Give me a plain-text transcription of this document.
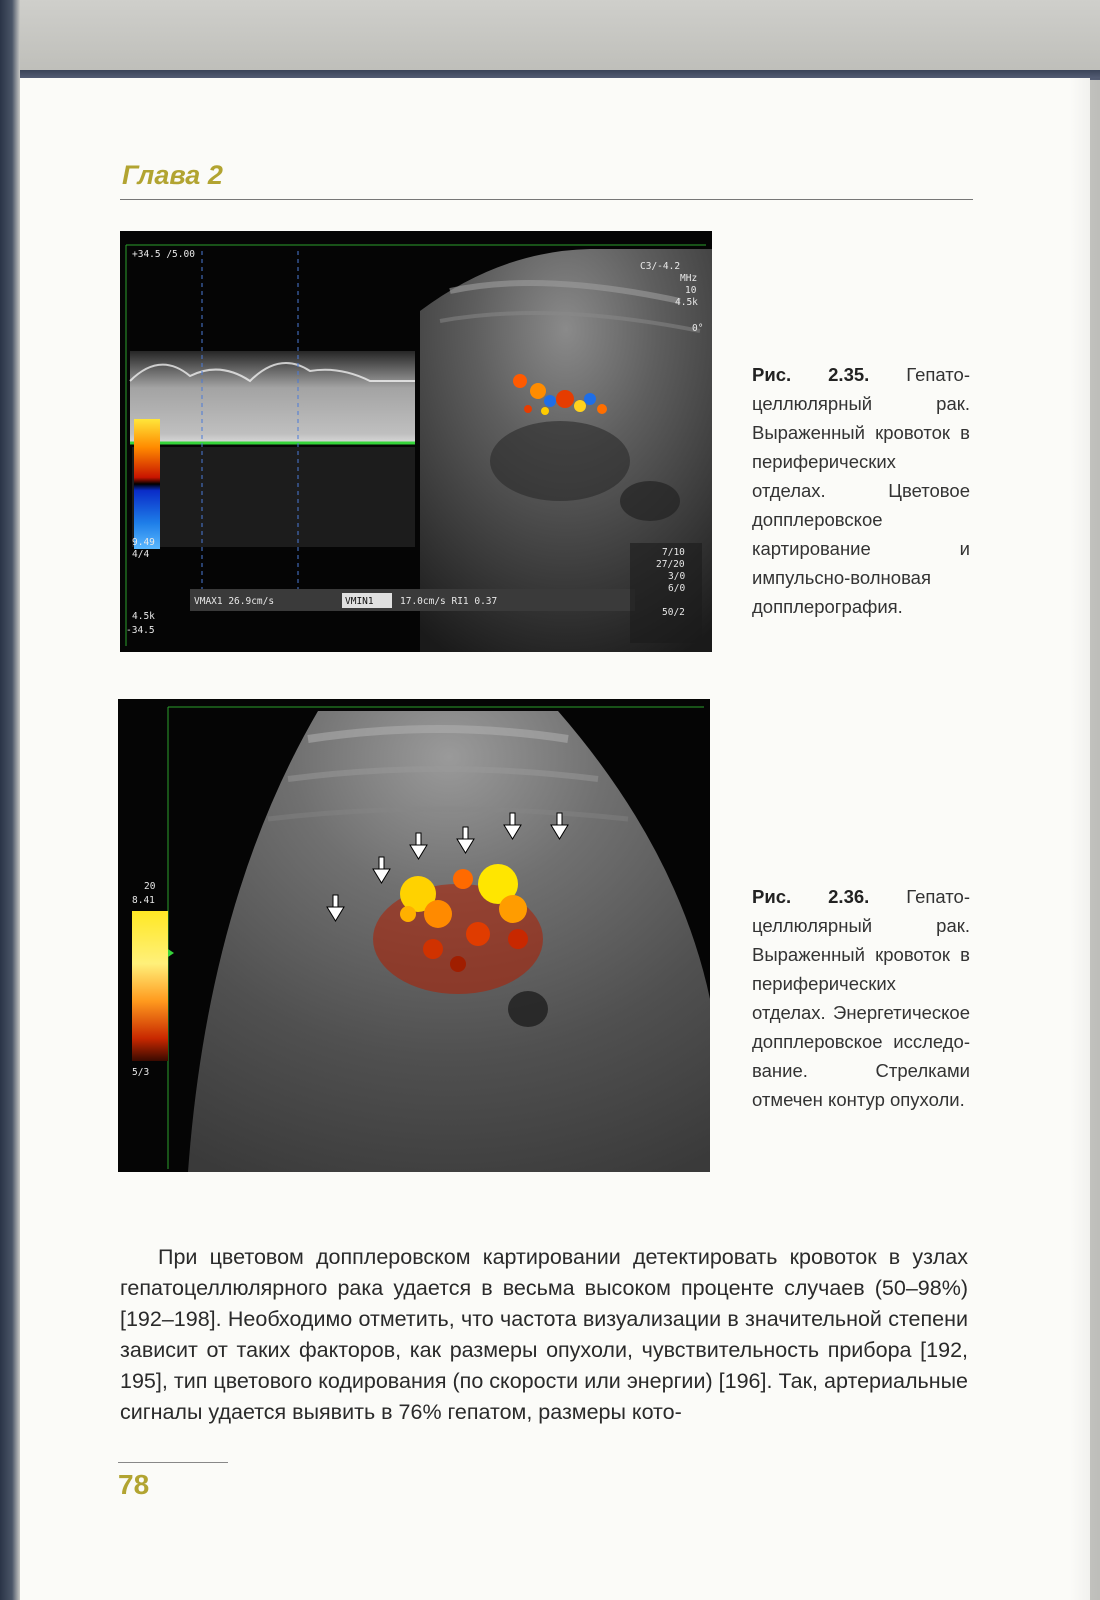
Глава 2
+34.5 /5.00
9.49
4/4
4.5k
-34.5
VMAX1 26.9cm/s	VMIN1	17.0cm/s RI1 0.37
C3/-4.2
MHz
10
4.5k
0°
7/10
27/20
3/0
6/0
50/2
Рис. 2.35. Гепатоцеллюлярный рак. Выраженный кровоток в периферических отделах. Цветовое допплеровское картирование и импульсно-волновая допплерография.
20
8.41
5/3
Рис. 2.36. Гепатоцеллюлярный рак. Выраженный кровоток в периферических отделах. Энергетическое допплеровское исследование. Стрелками отмечен контур опухоли.

При цветовом допплеровском картировании детектировать кровоток в узлах гепатоцеллюлярного рака удается в весьма высоком проценте случаев (50–98%) [192–198]. Необходимо отметить, что частота визуализации в значительной степени зависит от таких факторов, как размеры опухоли, чувствительность прибора [192, 195], тип цветового кодирования (по скорости или энергии) [196]. Так, артериальные сигналы удается выявить в 76% гепатом, размеры кото-

78
